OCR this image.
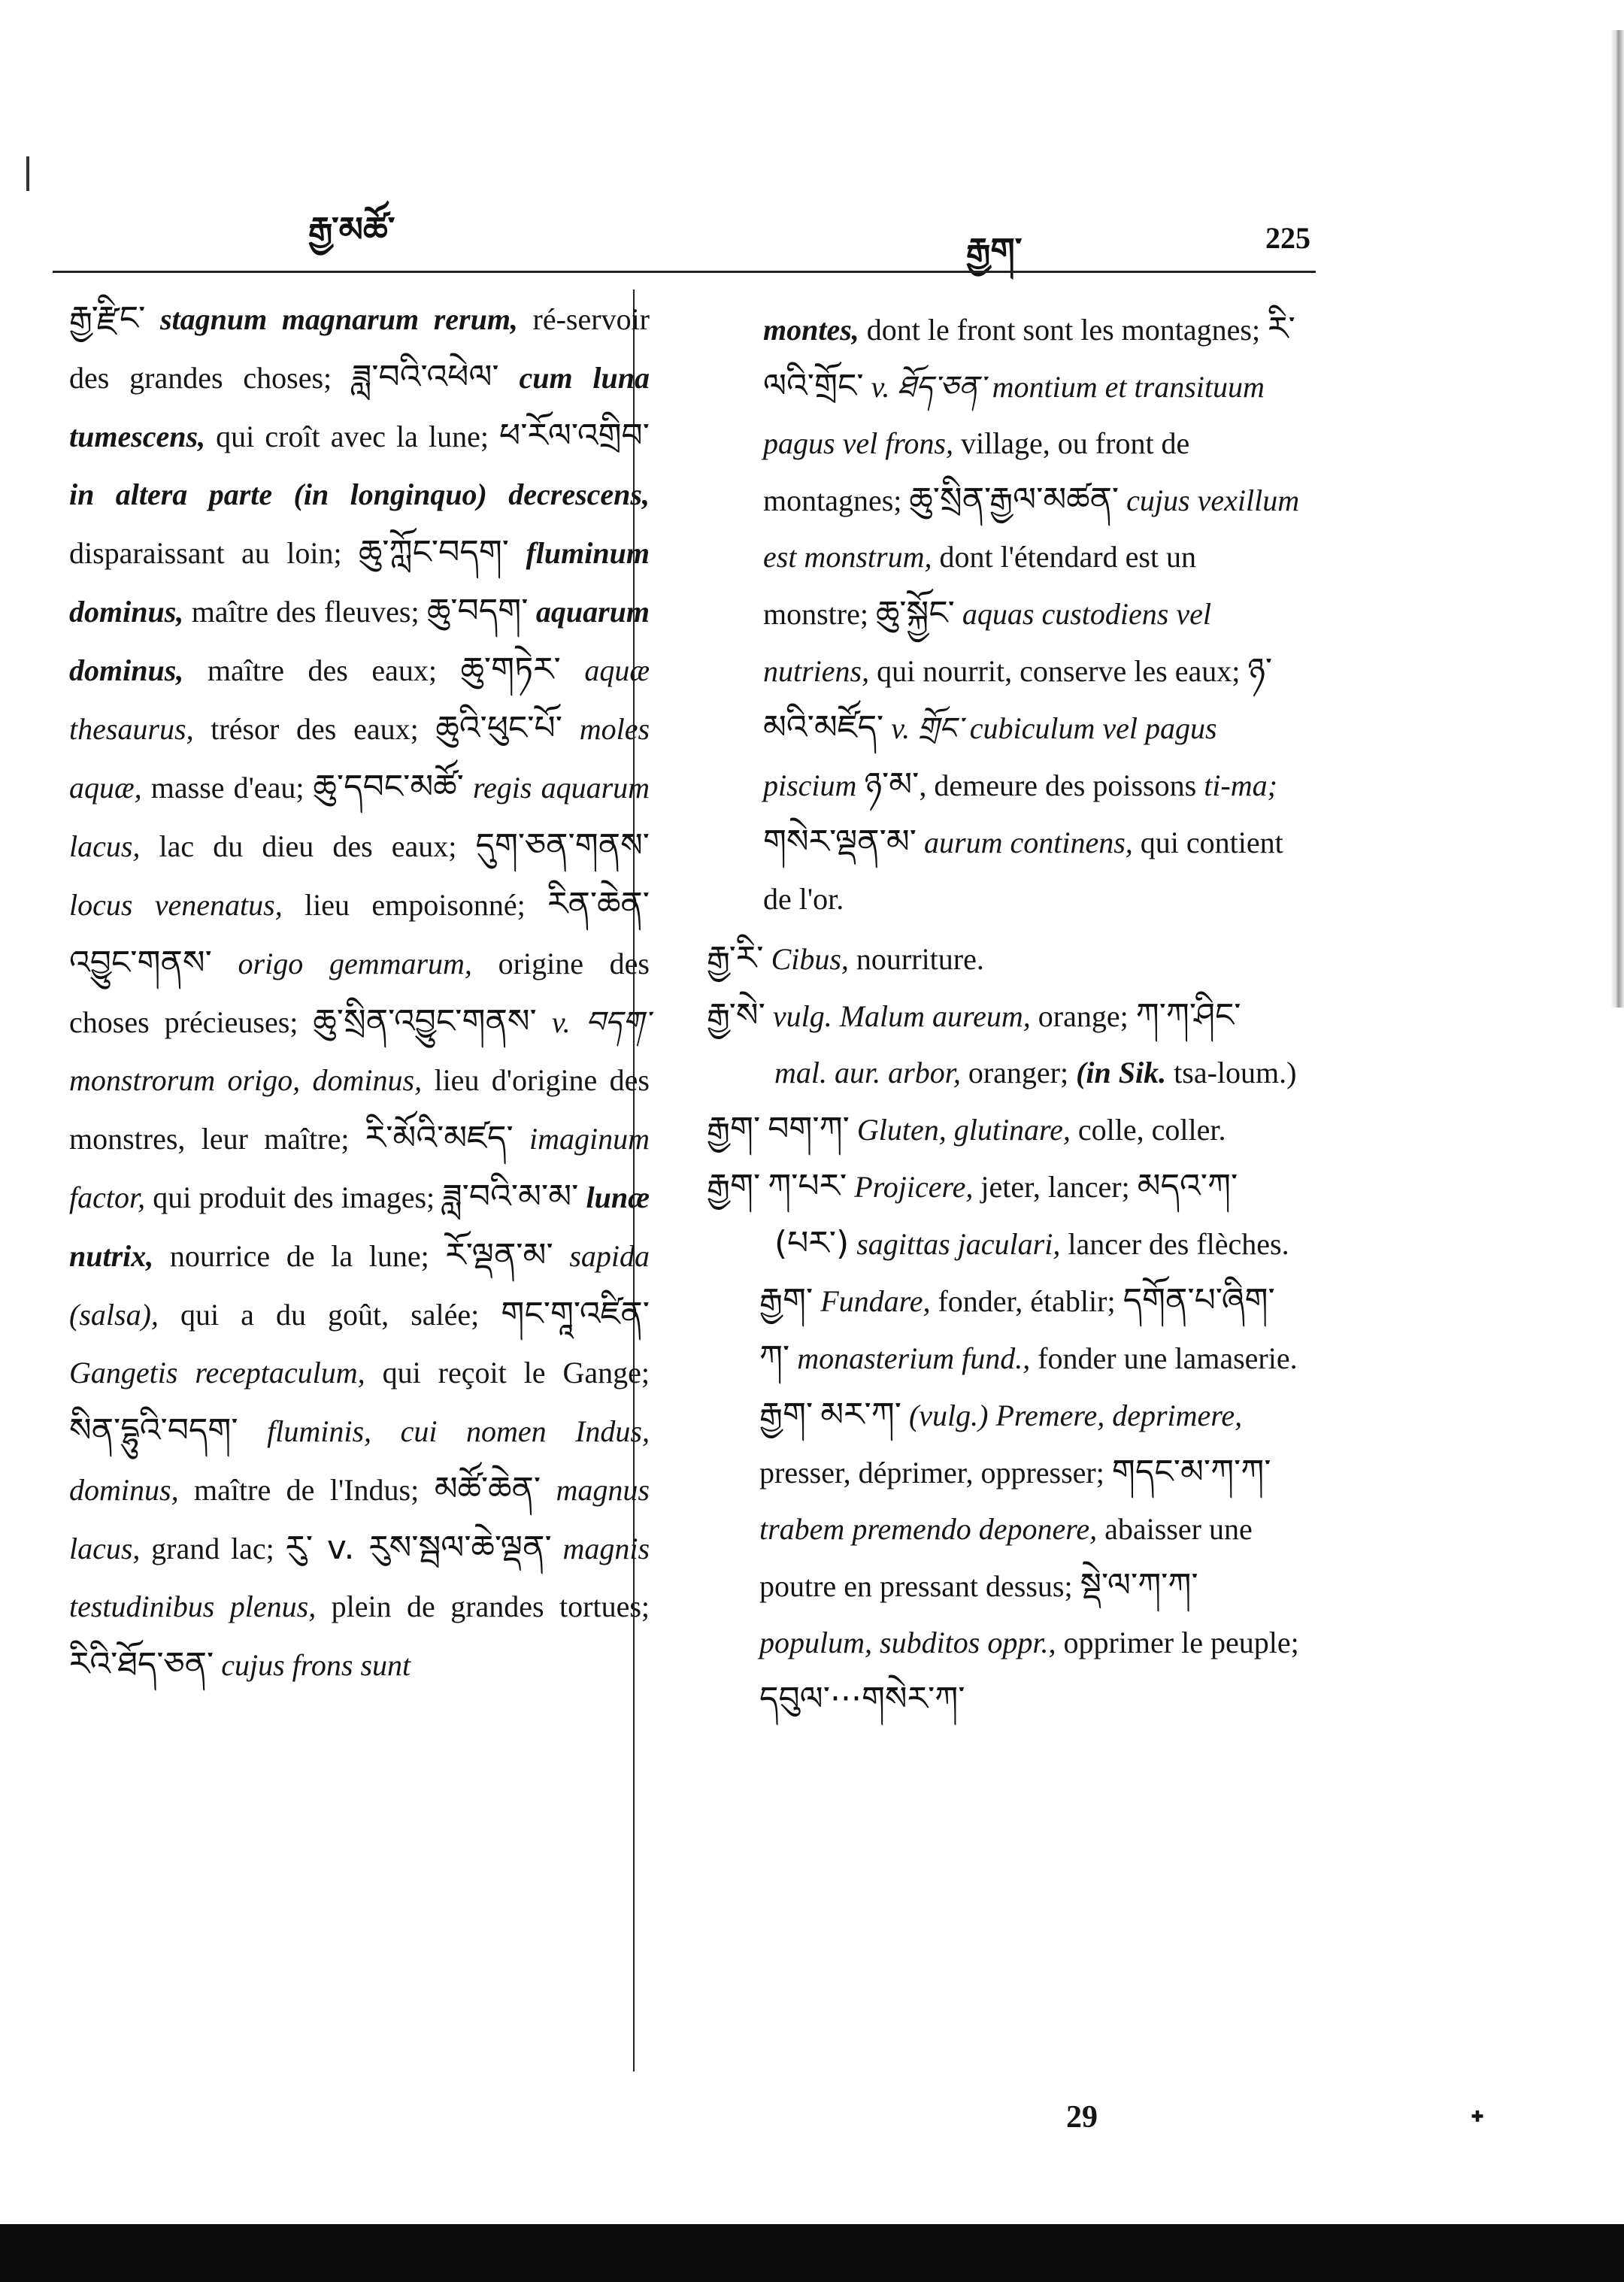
རྒྱ་མཚོ་
རྒྱག་	225
རྒྱ་རྫིང་ stagnum magnarum rerum, ré-servoir des grandes choses; ཟླ་བའི་འཕེལ་ cum luna tumescens, qui croît avec la lune; ཕ་རོལ་འགྲིབ་ in altera parte (in longinquo) decrescens, disparaissant au loin; ཆུ་ཀློང་བདག་ fluminum dominus, maître des fleuves; ཆུ་བདག་ aquarum dominus, maître des eaux; ཆུ་གཏེར་ aquæ thesaurus, trésor des eaux; ཆུའི་ཕུང་པོ་ moles aquæ, masse d'eau; ཆུ་དབང་མཚོ་ regis aquarum lacus, lac du dieu des eaux; དུག་ཅན་གནས་ locus venenatus, lieu empoisonné; རིན་ཆེན་འབྱུང་གནས་ origo gemmarum, origine des choses précieuses; ཆུ་སྲིན་འབྱུང་གནས་ v. བདག་ monstrorum origo, dominus, lieu d'origine des monstres, leur maître; རི་མོའི་མཛད་ imaginum factor, qui produit des images; ཟླ་བའི་མ་མ་ lunæ nutrix, nourrice de la lune; རོ་ལྡན་མ་ sapida (salsa), qui a du goût, salée; གང་གཱ་འཛིན་ Gangetis receptaculum, qui reçoit le Gange; སིན་དྷུའི་བདག་ fluminis, cui nomen Indus, dominus, maître de l'Indus; མཚོ་ཆེན་ magnus lacus, grand lac; རུ་ v. རུས་སྦལ་ཆེ་ལྡན་ magnis testudinibus plenus, plein de grandes tortues; རིའི་ཐོད་ཅན་ cujus frons sunt
montes, dont le front sont les montagnes; རི་ལའི་གྲོང་ v. ཐོད་ཅན་ montium et transituum pagus vel frons, village, ou front de montagnes; ཆུ་སྲིན་རྒྱལ་མཚན་ cujus vexillum est monstrum, dont l'étendard est un monstre; ཆུ་སྐྱོང་ aquas custodiens vel nutriens, qui nourrit, conserve les eaux; ཉ་མའི་མཛོད་ v. གྲོང་ cubiculum vel pagus piscium ཉ་མ་, demeure des poissons ti-ma; གསེར་ལྡན་མ་ aurum continens, qui contient de l'or.
རྒྱ་རི་ Cibus, nourriture.
རྒྱ་སེ་ vulg. Malum aureum, orange; ཀ་ཀ་ཤིང་ mal. aur. arbor, oranger; (in Sik. tsa-loum.)
རྒྱག་ བག་ཀ་ Gluten, glutinare, colle, coller.
རྒྱག་ ཀ་པར་ Projicere, jeter, lancer; མདའ་ཀ་(པར་) sagittas jaculari, lancer des flèches.
རྒྱག་ Fundare, fonder, établir; དགོན་པ་ཞིག་ཀ་ monasterium fund., fonder une lamaserie.
རྒྱག་ མར་ཀ་ (vulg.) Premere, deprimere, presser, déprimer, oppresser; གདང་མ་ཀ་ཀ་ trabem premendo deponere, abaisser une poutre en pressant dessus; སྡེ་ལ་ཀ་ཀ་ populum, subditos oppr., opprimer le peuple; དབུལ་···གསེར་ཀ་
29	ᐩ
